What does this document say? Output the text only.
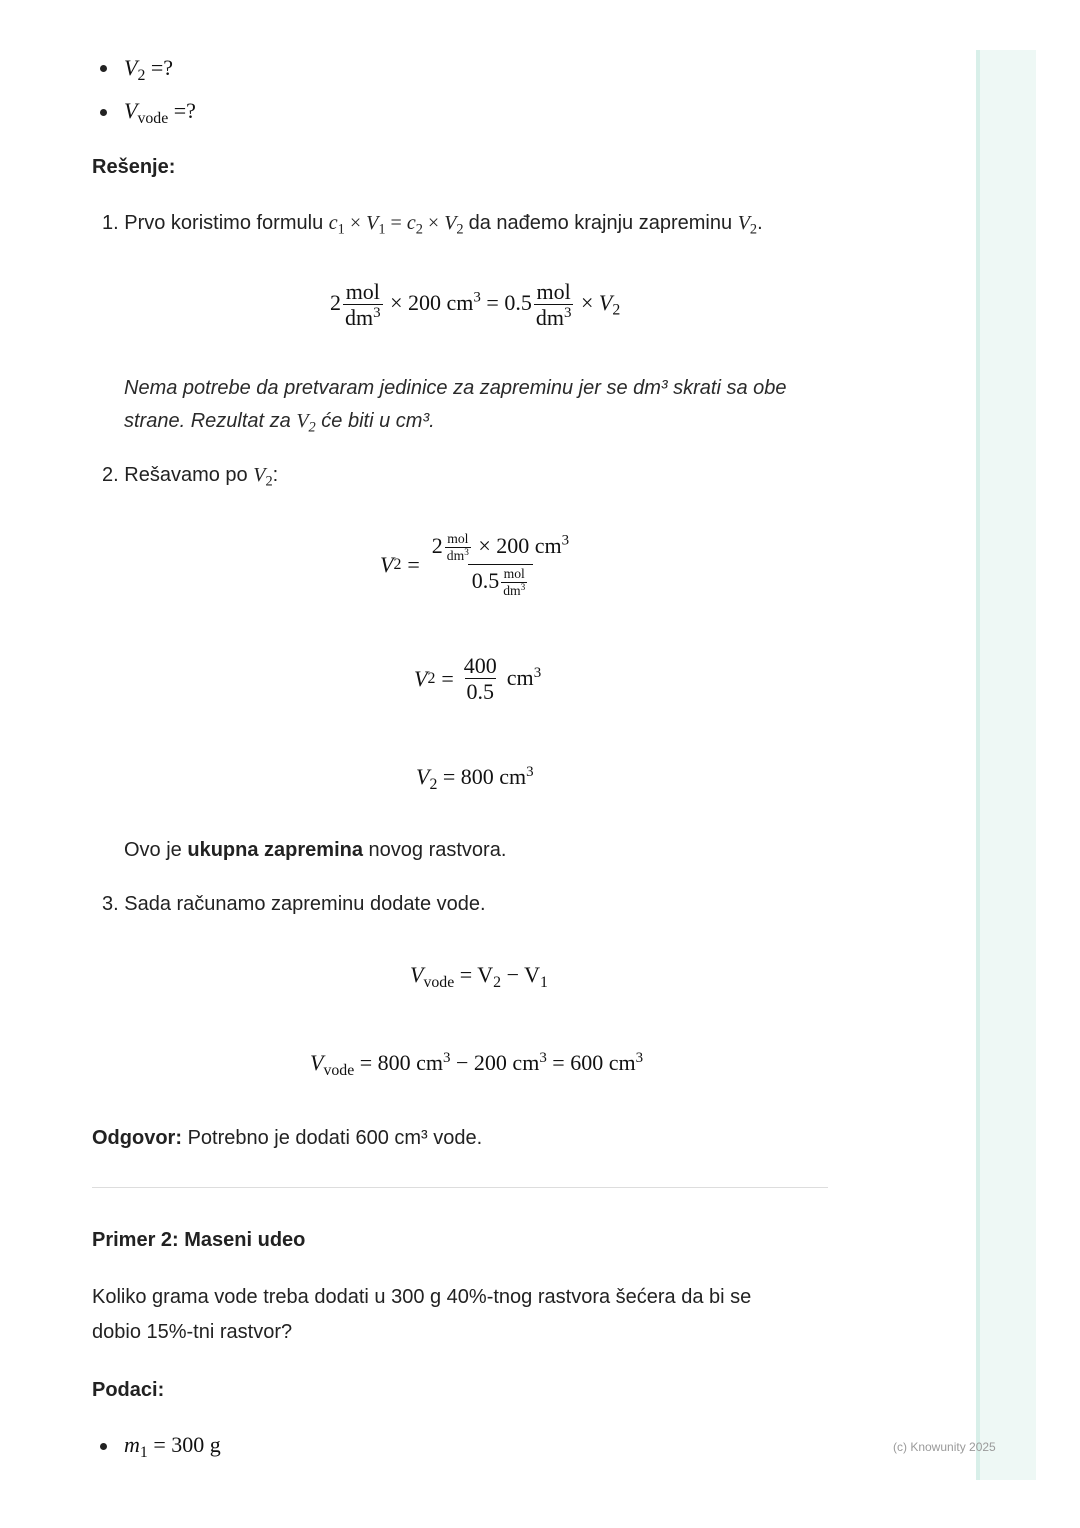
$V_2$ =?
$V_{vode}$ =?
Rešenje:
1. Prvo koristimo formulu $c_1 \times V_1 = c_2 \times V_2$ da nađemo krajnju zapreminu $V_2$.
$2 \frac{\text{mol}}{dm^3} \times 200$ $cm^3 = 0.5 \frac{\text{mol}}{dm^3} \times V_2$
Nema potrebe da pretvaram jedinice za zapreminu jer se dm³ skrati sa obe
strane. Rezultat za $V_2$ će biti u cm³.
2. Rešavamo po $V_2$:
V $2 = \frac{2 \frac{\text{mol}}{dm^3} \times 200 cm^3}{0.5 \frac{\text{mol}}{dm^3}}$
V $2 = \frac{400}{0.5} cm^3$
$V_2 = 800$ $cm^3$
Ovo je ukupna zapremina novog rastvora.
3. Sada računamo zapreminu dodate vode.
$V_{vode} = V_2 - V_1$
$V_{vode} = 800$ $cm^3 - 200$ $cm^3 = 600$ $cm^3$
Odgovor: Potrebno je dodati 600 cm³ vode.
Primer 2: Maseni udeo
Koliko grama vode treba dodati u 300 g 40%-tnog rastvora šećera da bi se
dobio 15%-tni rastvor?
Podaci:
$m_1 = 300$ g	(c) Knowunity 2025
